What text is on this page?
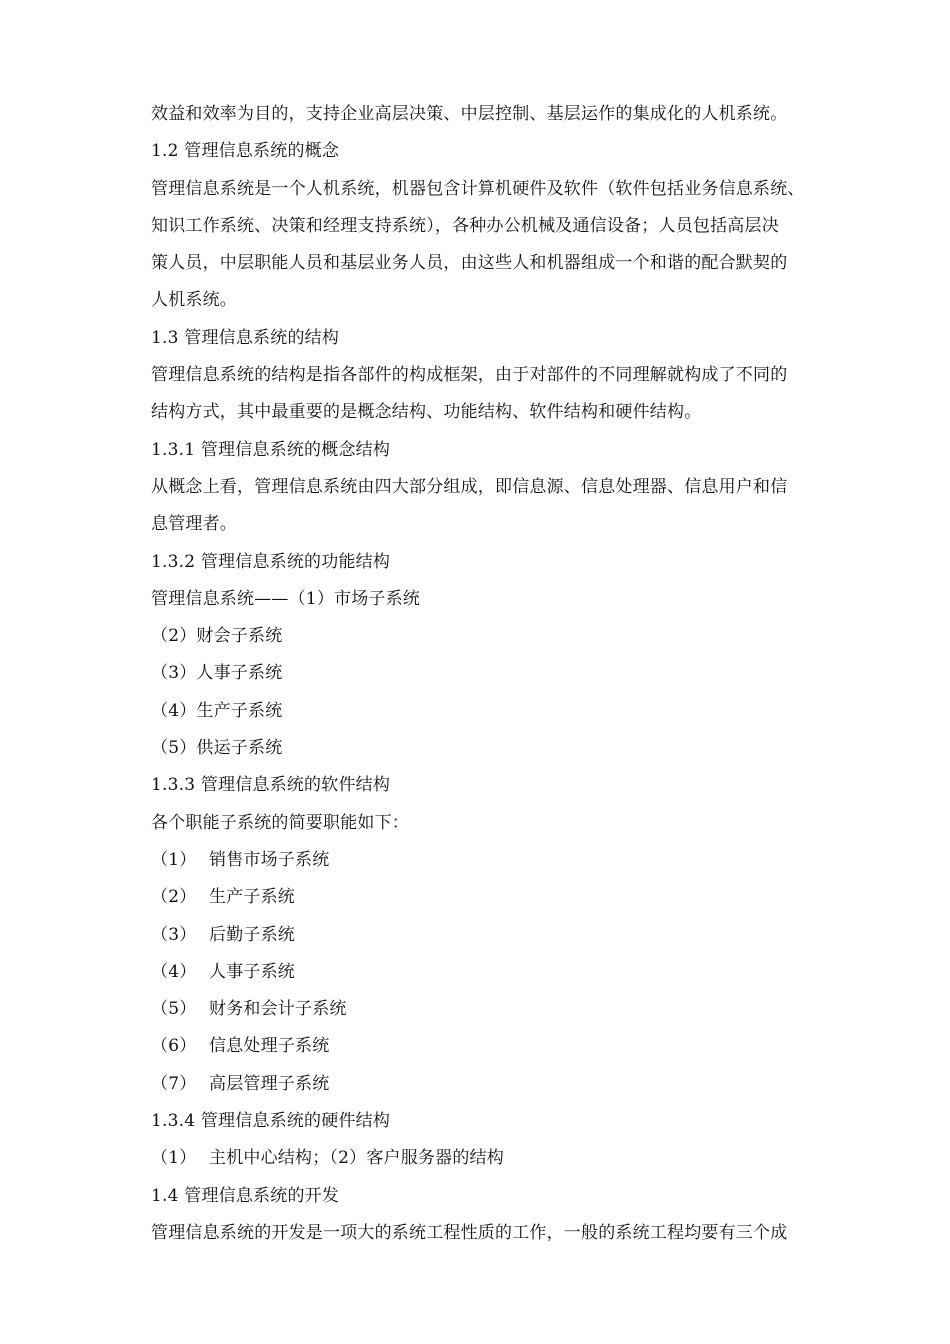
效益和效率为目的，支持企业高层决策、中层控制、基层运作的集成化的人机系统。
1.2 管理信息系统的概念
管理信息系统是一个人机系统，机器包含计算机硬件及软件（软件包括业务信息系统、
知识工作系统、决策和经理支持系统），各种办公机械及通信设备；人员包括高层决
策人员，中层职能人员和基层业务人员，由这些人和机器组成一个和谐的配合默契的
人机系统。
1.3 管理信息系统的结构
管理信息系统的结构是指各部件的构成框架，由于对部件的不同理解就构成了不同的
结构方式，其中最重要的是概念结构、功能结构、软件结构和硬件结构。
1.3.1 管理信息系统的概念结构
从概念上看，管理信息系统由四大部分组成，即信息源、信息处理器、信息用户和信
息管理者。
1.3.2 管理信息系统的功能结构
管理信息系统——（1）市场子系统
（2）财会子系统
（3）人事子系统
（4）生产子系统
（5）供运子系统
1.3.3 管理信息系统的软件结构
各个职能子系统的简要职能如下：
（1） 销售市场子系统
（2） 生产子系统
（3） 后勤子系统
（4） 人事子系统
（5） 财务和会计子系统
（6） 信息处理子系统
（7） 高层管理子系统
1.3.4 管理信息系统的硬件结构
（1） 主机中心结构；（2）客户服务器的结构
1.4 管理信息系统的开发
管理信息系统的开发是一项大的系统工程性质的工作，一般的系统工程均要有三个成
